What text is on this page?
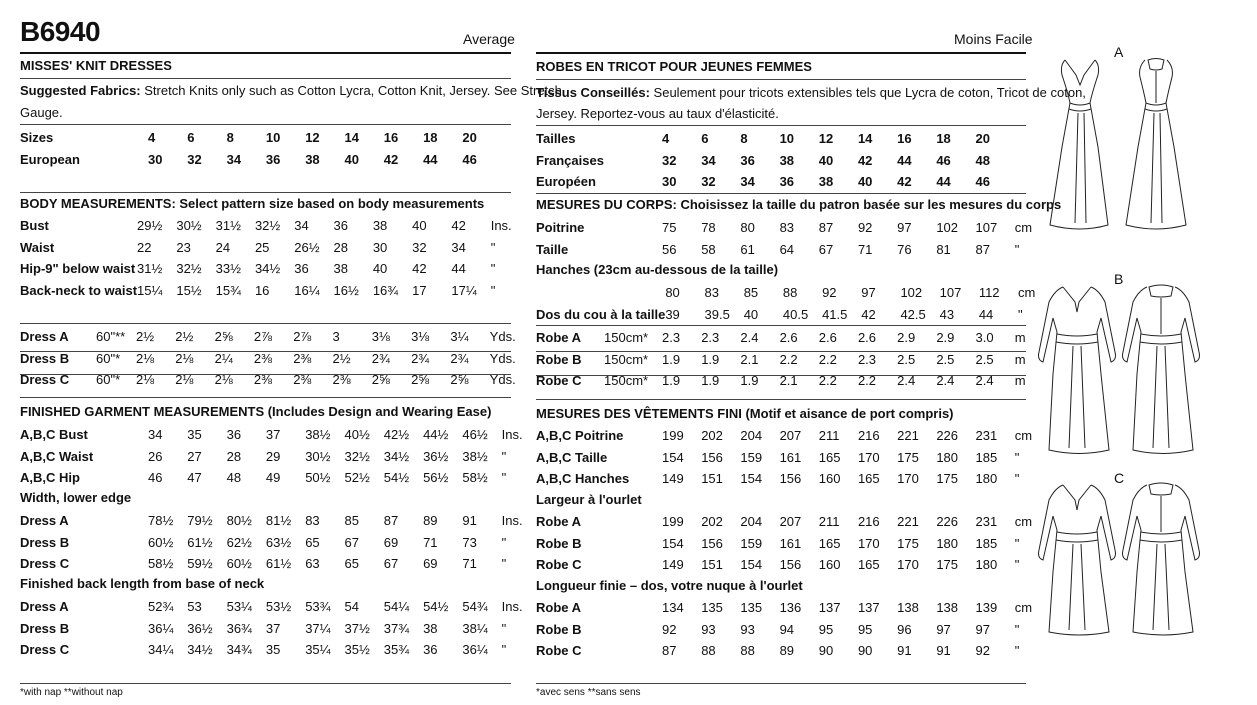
B6940	Average
MISSES' KNIT DRESSES
Suggested Fabrics: Stretch Knits only such as Cotton Lycra, Cotton Knit, Jersey. See Stretch
Gauge.
Sizes	4	6	8	10	12	14	16	18	20
European	30	32	34	36	38	40	42	44	46
BODY MEASUREMENTS: Select pattern size based on body measurements
Bust	29½	30½	31½	32½	34	36	38	40	42	Ins.
Waist	22	23	24	25	26½	28	30	32	34	"
Hip-9" below waist	31½	32½	33½	34½	36	38	40	42	44	"
Back-neck to waist	15¼	15½	15¾	16	16¼	16½	16¾	17	17¼	"
Dress A	60"**	2½	2½	2⅝	2⅞	2⅞	3	3⅛	3⅛	3¼	Yds.
Dress B	60"*	2⅛	2⅛	2¼	2⅜	2⅜	2½	2¾	2¾	2¾	Yds.
Dress C	60"*	2⅛	2⅛	2⅛	2⅜	2⅜	2⅜	2⅝	2⅝	2⅝	Yds.
FINISHED GARMENT MEASUREMENTS (Includes Design and Wearing Ease)
A,B,C Bust	34	35	36	37	38½	40½	42½	44½	46½	Ins.
A,B,C Waist	26	27	28	29	30½	32½	34½	36½	38½	"
A,B,C Hip	46	47	48	49	50½	52½	54½	56½	58½	"
Width, lower edge
Dress A	78½	79½	80½	81½	83	85	87	89	91	Ins.
Dress B	60½	61½	62½	63½	65	67	69	71	73	"
Dress C	58½	59½	60½	61½	63	65	67	69	71	"
Finished back length from base of neck
Dress A	52¾	53	53¼	53½	53¾	54	54¼	54½	54¾	Ins.
Dress B	36¼	36½	36¾	37	37¼	37½	37¾	38	38¼	"
Dress C	34¼	34½	34¾	35	35¼	35½	35¾	36	36¼	"
*with nap **without nap
Moins Facile
ROBES EN TRICOT POUR JEUNES FEMMES
Tissus Conseillés: Seulement pour tricots extensibles tels que Lycra de coton, Tricot de coton,
Jersey. Reportez-vous au taux d'élasticité.
Tailles	4	6	8	10	12	14	16	18	20
Françaises	32	34	36	38	40	42	44	46	48
Européen	30	32	34	36	38	40	42	44	46
MESURES DU CORPS: Choisissez la taille du patron basée sur les mesures du corps
Poitrine	75	78	80	83	87	92	97	102	107	cm
Taille	56	58	61	64	67	71	76	81	87	"
Hanches (23cm au-dessous de la taille)
	80	83	85	88	92	97	102	107	112	cm
Dos du cou à la taille	39	39.5	40	40.5	41.5	42	42.5	43	44	"
Robe A	150cm*	2.3	2.3	2.4	2.6	2.6	2.6	2.9	2.9	3.0	m
Robe B	150cm*	1.9	1.9	2.1	2.2	2.2	2.3	2.5	2.5	2.5	m
Robe C	150cm*	1.9	1.9	1.9	2.1	2.2	2.2	2.4	2.4	2.4	m
MESURES DES VÊTEMENTS FINI (Motif et aisance de port compris)
A,B,C Poitrine	199	202	204	207	211	216	221	226	231	cm
A,B,C Taille	154	156	159	161	165	170	175	180	185	"
A,B,C Hanches	149	151	154	156	160	165	170	175	180	"
Largeur à l'ourlet
Robe A	199	202	204	207	211	216	221	226	231	cm
Robe B	154	156	159	161	165	170	175	180	185	"
Robe C	149	151	154	156	160	165	170	175	180	"
Longueur finie – dos, votre nuque à l'ourlet
Robe A	134	135	135	136	137	137	138	138	139	cm
Robe B	92	93	93	94	95	95	96	97	97	"
Robe C	87	88	88	89	90	90	91	91	92	"
*avec sens **sans sens
A
B
C
